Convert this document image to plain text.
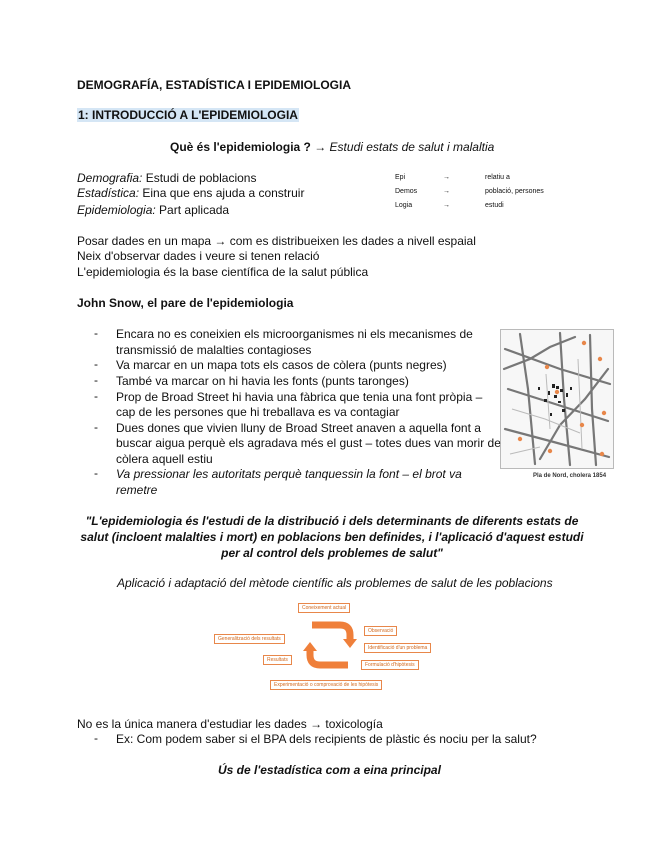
DEMOGRAFÍA, ESTADÍSTICA I EPIDEMIOLOGIA
1: INTRODUCCIÓ A L'EPIDEMIOLOGIA
Què és l'epidemiologia ? → Estudi estats de salut i malaltia
Demografia: Estudi de poblacions
Estadística: Eina que ens ajuda a construir
Epidemiologia: Part aplicada
Epi	→	relatiu a
Demos	→	població, persones
Logia	→	estudi
Posar dades en un mapa → com es distribueixen les dades a nivell espaial
Neix d'observar dades i veure si tenen relació
L'epidemiologia és la base científica de la salut pública
John Snow, el pare de l'epidemiologia
- Encara no es coneixien els microorganismes ni els mecanismes de
transmissió de malalties contagioses
- Va marcar en un mapa tots els casos de còlera (punts negres)
- També va marcar on hi havia les fonts (punts taronges)
- Prop de Broad Street hi havia una fàbrica que tenia una font pròpia –
cap de les persones que hi treballava es va contagiar
- Dues dones que vivien lluny de Broad Street anaven a aquella font a
buscar aigua perquè els agradava més el gust – totes dues van morir de
còlera aquell estiu
- Va pressionar les autoritats perquè tanquessin la font – el brot va
remetre
Pla de Nord, cholera 1854
"L'epidemiologia és l'estudi de la distribució i dels determinants de diferents estats de
salut (incloent malalties i mort) en poblacions ben definides, i l'aplicació d'aquest estudi
per al control dels problemes de salut"
Aplicació i adaptació del mètode científic als problemes de salut de les poblacions
Coneixement actual
Observació
Identificació d'un problema
Formulació d'hipòtesis
Experimentació o comprovació de les hipòtesis
Resultats
Generalització dels resultats
No es la única manera d'estudiar les dades → toxicología
- Ex: Com podem saber si el BPA dels recipients de plàstic és nociu per la salut?
Ús de l'estadística com a eina principal
